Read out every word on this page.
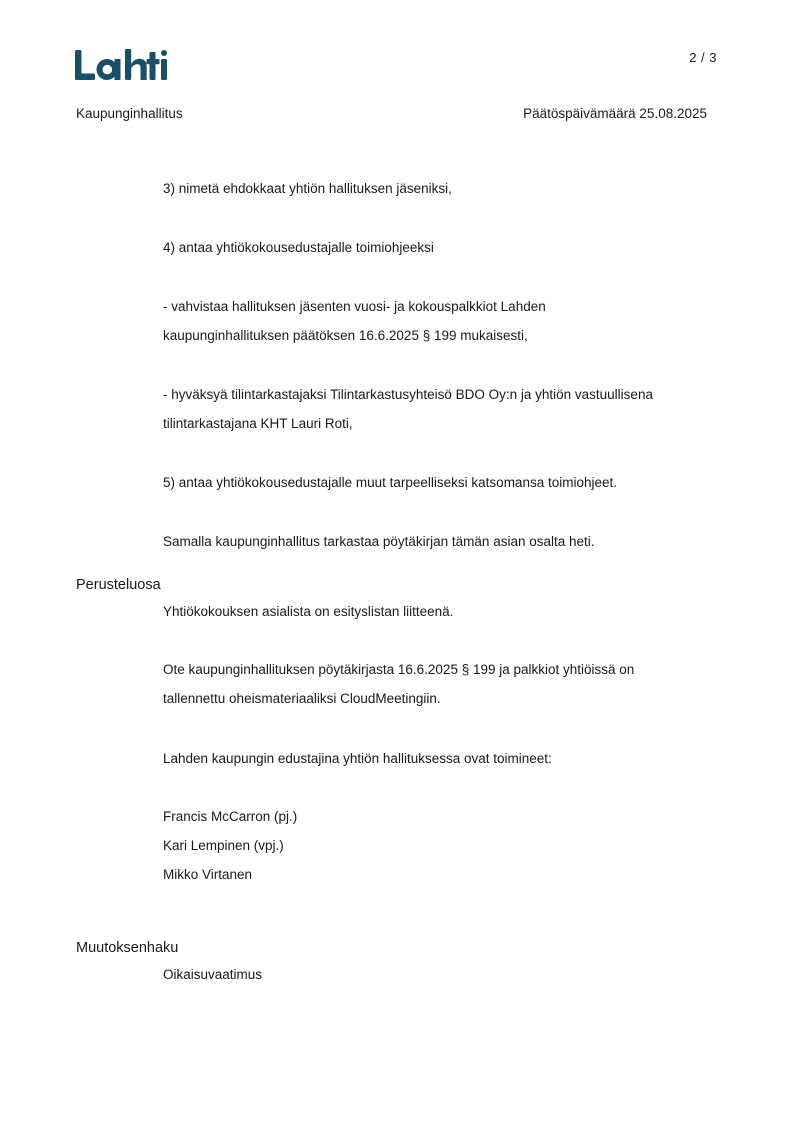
2 / 3
Kaupunginhallitus	Päätöspäivämäärä 25.08.2025
3) nimetä ehdokkaat yhtiön hallituksen jäseniksi,
4) antaa yhtiökokousedustajalle toimiohjeeksi
- vahvistaa hallituksen jäsenten vuosi- ja kokouspalkkiot Lahden
kaupunginhallituksen päätöksen 16.6.2025 § 199 mukaisesti,
- hyväksyä tilintarkastajaksi Tilintarkastusyhteisö BDO Oy:n ja yhtiön vastuullisena
tilintarkastajana KHT Lauri Roti,
5) antaa yhtiökokousedustajalle muut tarpeelliseksi katsomansa toimiohjeet.
Samalla kaupunginhallitus tarkastaa pöytäkirjan tämän asian osalta heti.
Perusteluosa
Yhtiökokouksen asialista on esityslistan liitteenä.
Ote kaupunginhallituksen pöytäkirjasta 16.6.2025 § 199 ja palkkiot yhtiöissä on
tallennettu oheismateriaaliksi CloudMeetingiin.
Lahden kaupungin edustajina yhtiön hallituksessa ovat toimineet:
Francis McCarron (pj.)
Kari Lempinen (vpj.)
Mikko Virtanen
Muutoksenhaku
Oikaisuvaatimus
